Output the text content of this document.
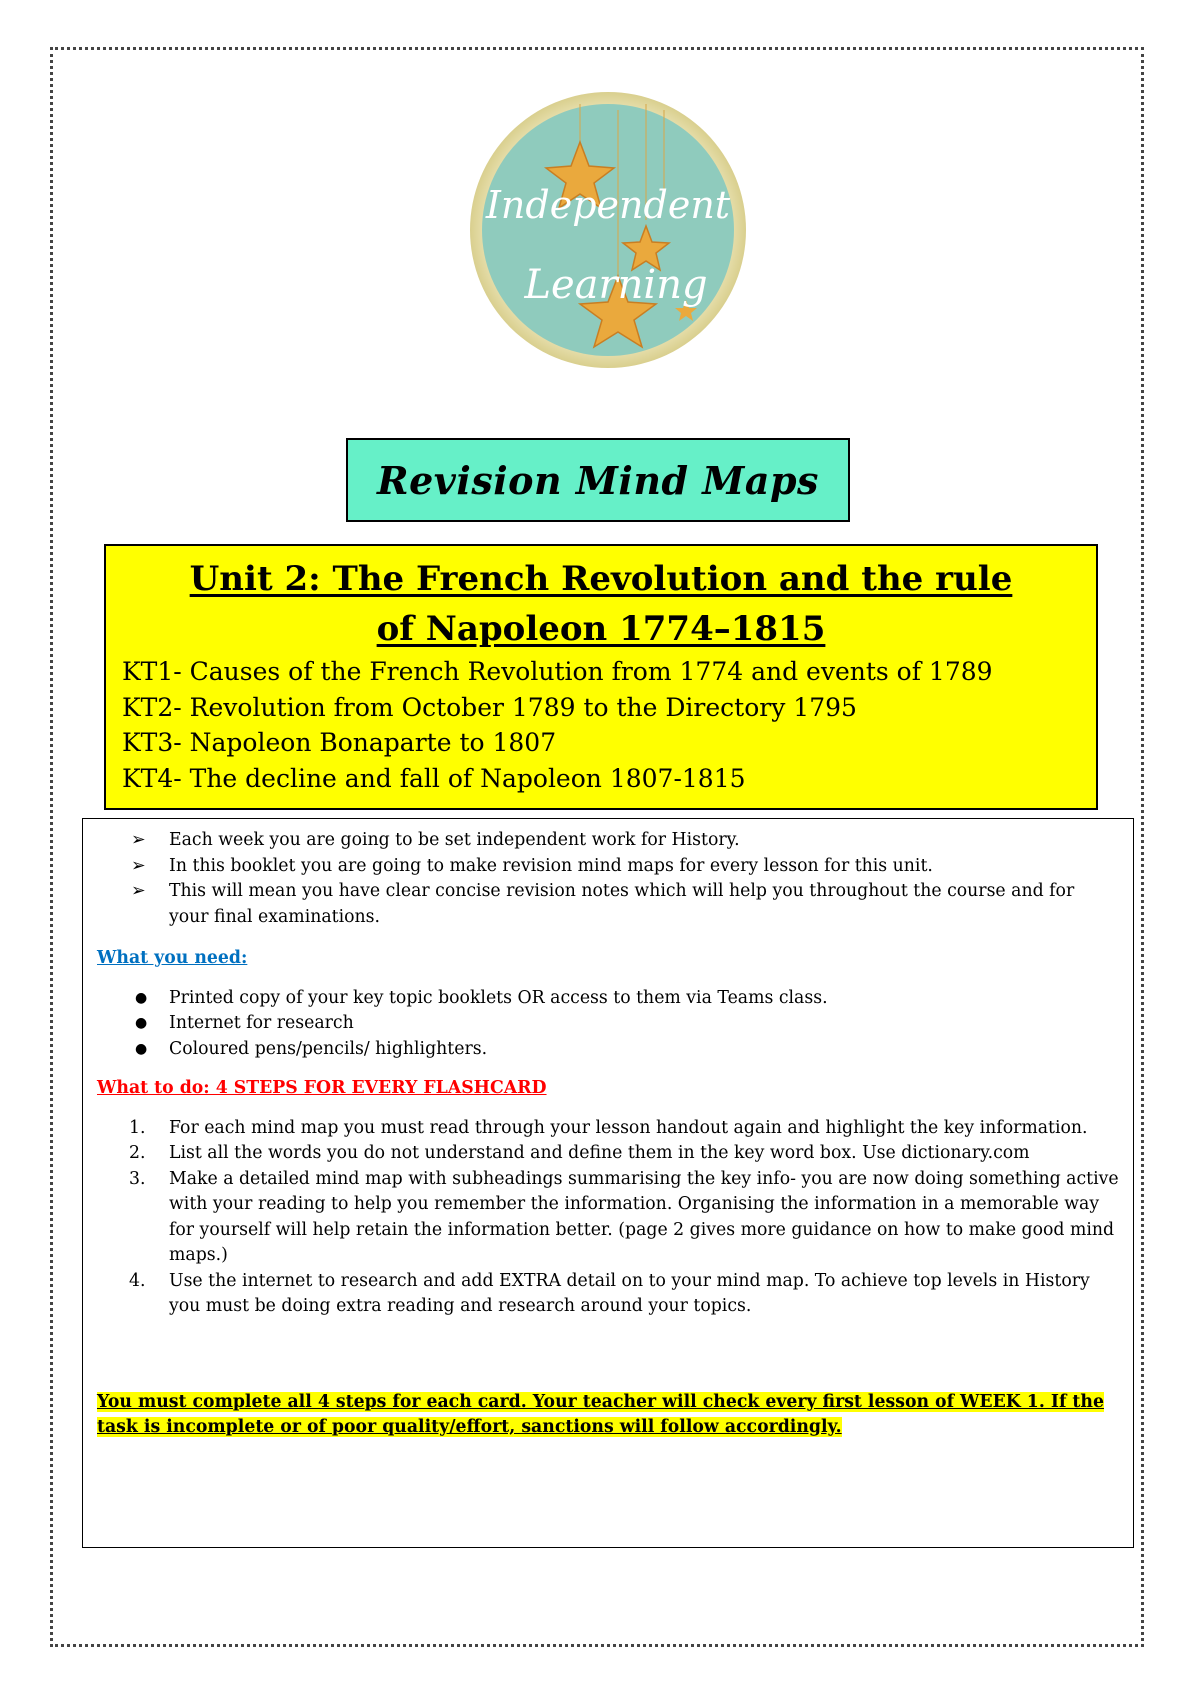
Independent
Learning
Revision Mind Maps

Unit 2: The French Revolution and the rule
of Napoleon 1774–1815

KT1- Causes of the French Revolution from 1774 and events of 1789
KT2- Revolution from October 1789 to the Directory 1795
KT3- Napoleon Bonaparte to 1807
KT4- The decline and fall of Napoleon 1807-1815
➢ Each week you are going to be set independent work for History.
➢ In this booklet you are going to make revision mind maps for every lesson for this unit.
➢ This will mean you have clear concise revision notes which will help you throughout the course and for your final examinations.
What you need:
● Printed copy of your key topic booklets OR access to them via Teams class.
● Internet for research
● Coloured pens/pencils/ highlighters.
What to do: 4 STEPS FOR EVERY FLASHCARD
1. For each mind map you must read through your lesson handout again and highlight the key information.
2. List all the words you do not understand and define them in the key word box. Use dictionary.com
3. Make a detailed mind map with subheadings summarising the key info- you are now doing something active with your reading to help you remember the information. Organising the information in a memorable way for yourself will help retain the information better. (page 2 gives more guidance on how to make good mind maps.)
4. Use the internet to research and add EXTRA detail on to your mind map. To achieve top levels in History you must be doing extra reading and research around your topics.
You must complete all 4 steps for each card. Your teacher will check every first lesson of WEEK 1. If the task is incomplete or of poor quality/effort, sanctions will follow accordingly.
